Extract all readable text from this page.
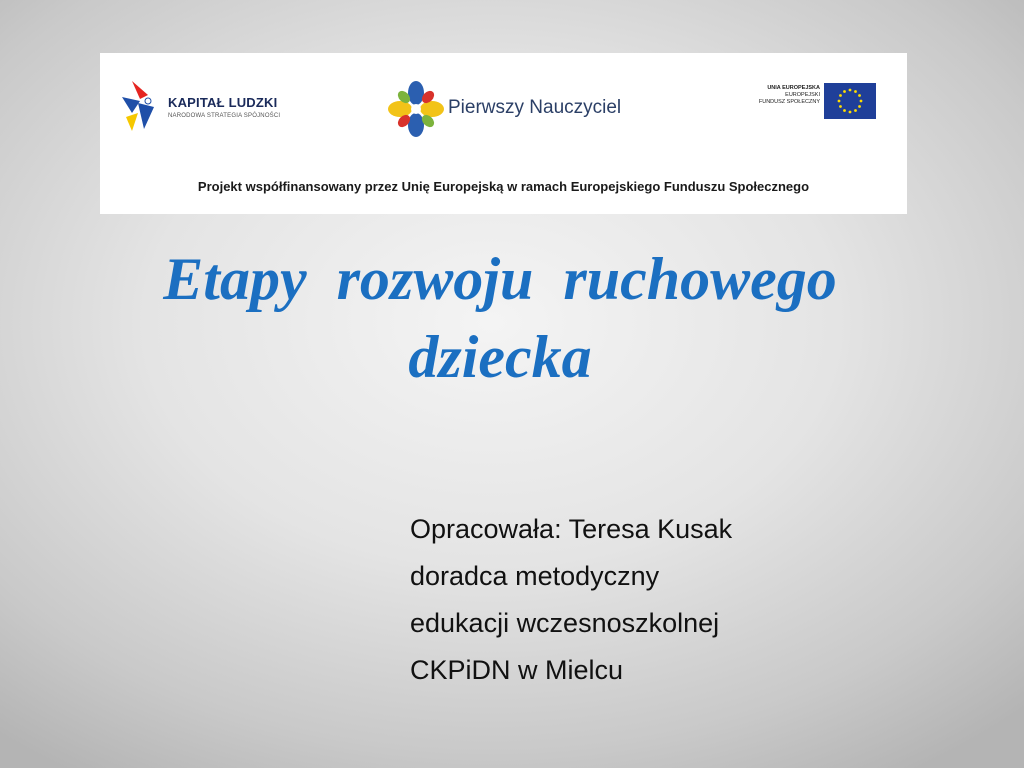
KAPITAŁ LUDZKI
NARODOWA STRATEGIA SPÓJNOŚCI	Pierwszy Nauczyciel
UNIA EUROPEJSKA
EUROPEJSKI
FUNDUSZ SPOŁECZNY
Projekt współfinansowany przez Unię Europejską w ramach Europejskiego Funduszu Społecznego
Etapy  rozwoju  ruchowego
dziecka
Opracowała: Teresa Kusak
doradca metodyczny
edukacji wczesnoszkolnej
CKPiDN w Mielcu
